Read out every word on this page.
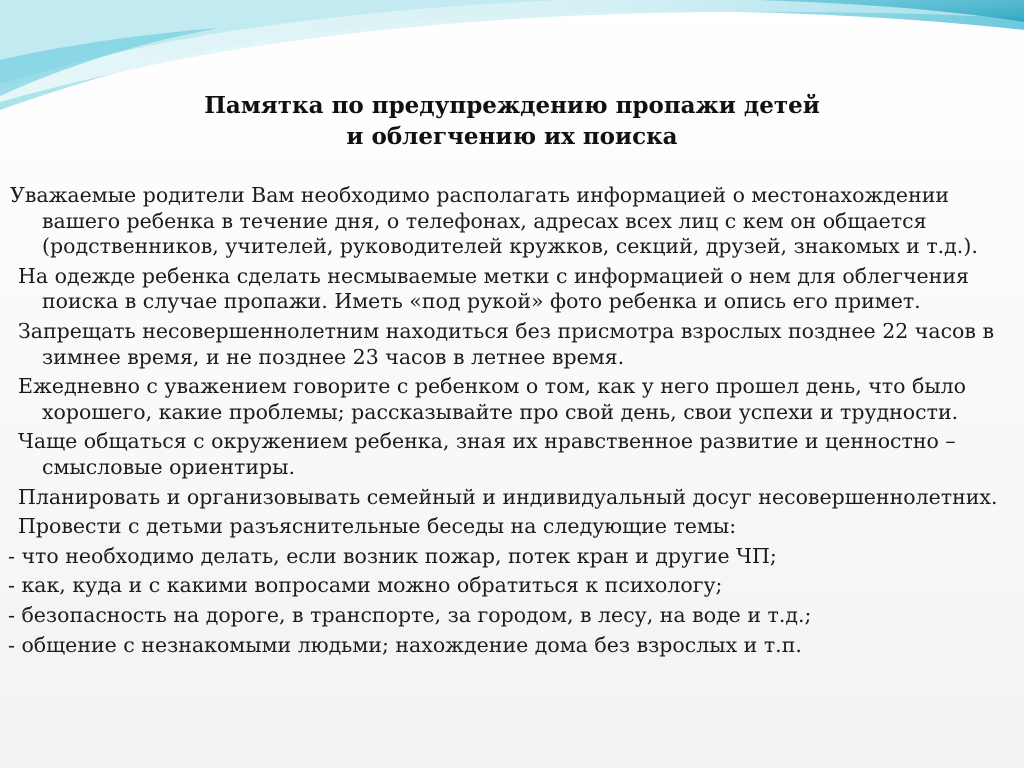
Памятка по предупреждению пропажи детей
и облегчению их поиска

Уважаемые родители Вам необходимо располагать информацией о местонахождении вашего ребенка в течение дня, о телефонах, адресах всех лиц с кем он общается (родственников, учителей, руководителей кружков, секций, друзей, знакомых и т.д.).

На одежде ребенка сделать несмываемые метки с информацией о нем для облегчения поиска в случае пропажи. Иметь «под рукой» фото ребенка и опись его примет.

Запрещать несовершеннолетним находиться без присмотра взрослых позднее 22 часов в зимнее время, и не позднее 23 часов в летнее время.

Ежедневно с уважением говорите с ребенком о том, как у него прошел день, что было хорошего, какие проблемы; рассказывайте про свой день, свои успехи и трудности.

Чаще общаться с окружением ребенка, зная их нравственное развитие и ценностно – смысловые ориентиры.

Планировать и организовывать семейный и индивидуальный досуг несовершеннолетних.

Провести с детьми разъяснительные беседы на следующие темы:

- что необходимо делать, если возник пожар, потек кран и другие ЧП;

- как, куда и с какими вопросами можно обратиться к психологу;

- безопасность на дороге, в транспорте, за городом, в лесу, на воде и т.д.;

- общение с незнакомыми людьми; нахождение дома без взрослых и т.п.
